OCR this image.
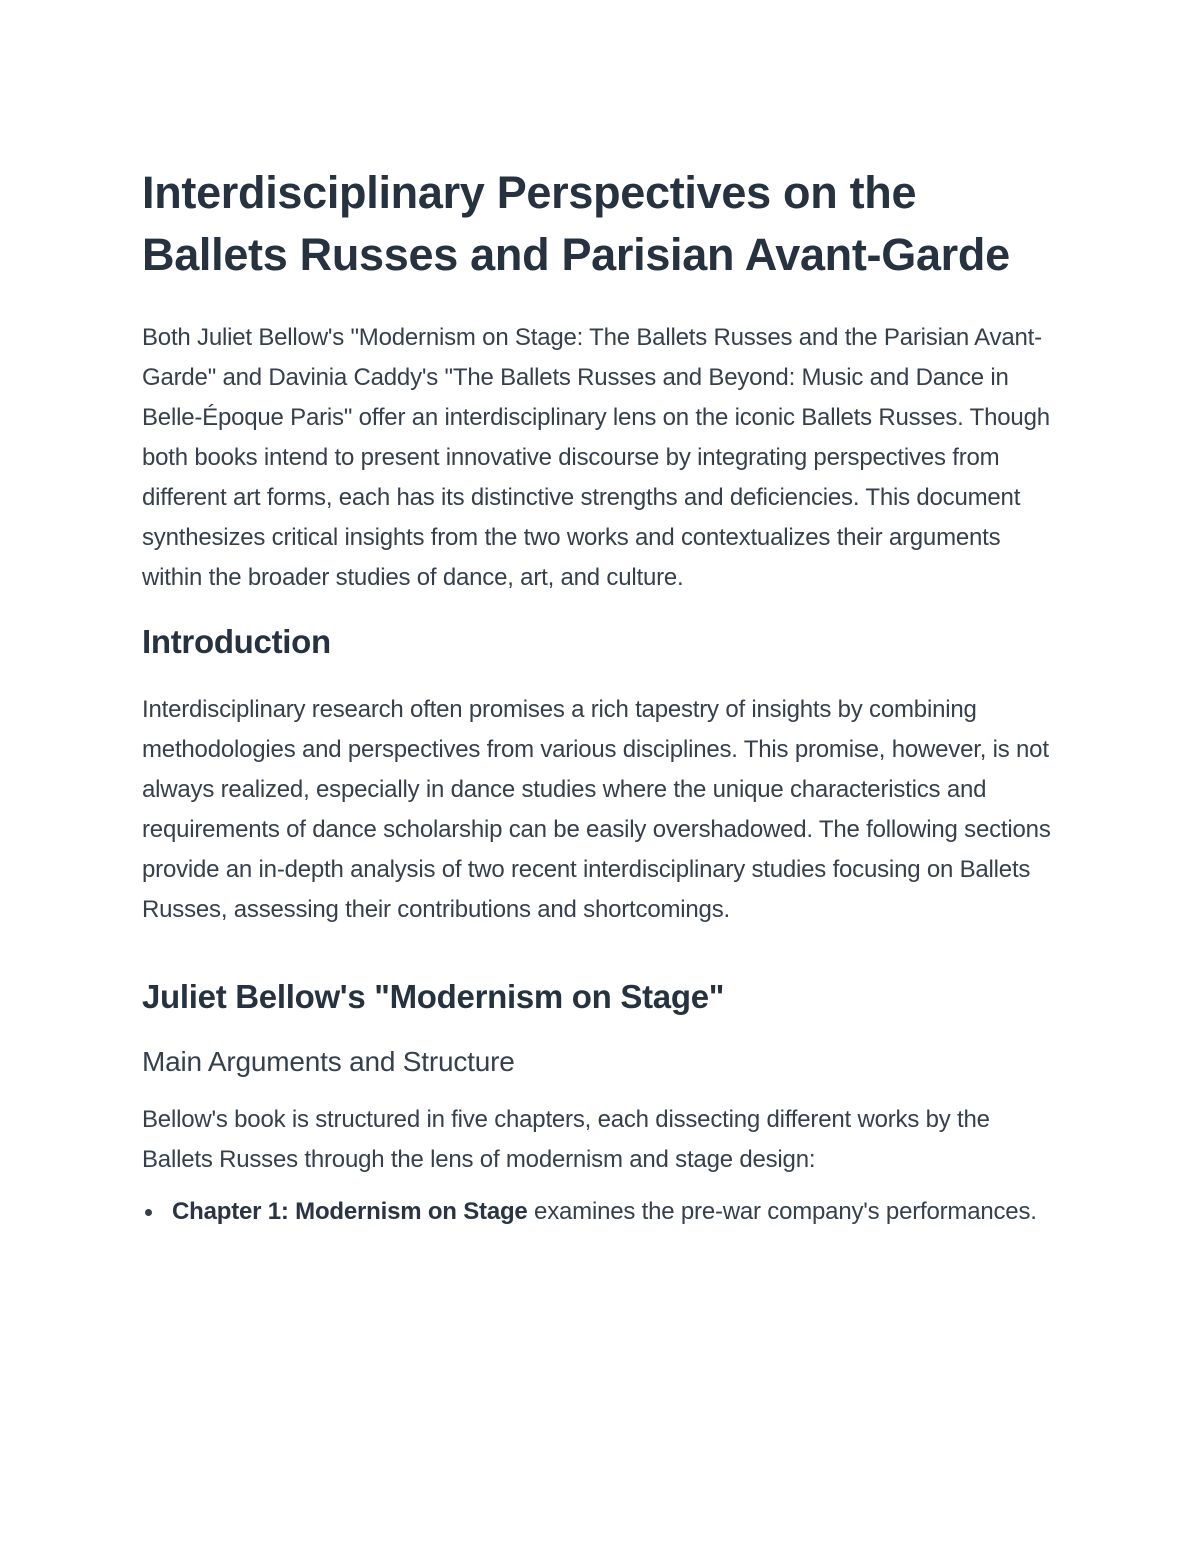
Interdisciplinary Perspectives on the Ballets Russes and Parisian Avant-Garde

Both Juliet Bellow's "Modernism on Stage: The Ballets Russes and the Parisian Avant-Garde" and Davinia Caddy's "The Ballets Russes and Beyond: Music and Dance in Belle-Époque Paris" offer an interdisciplinary lens on the iconic Ballets Russes. Though both books intend to present innovative discourse by integrating perspectives from different art forms, each has its distinctive strengths and deficiencies. This document synthesizes critical insights from the two works and contextualizes their arguments within the broader studies of dance, art, and culture.

Introduction

Interdisciplinary research often promises a rich tapestry of insights by combining methodologies and perspectives from various disciplines. This promise, however, is not always realized, especially in dance studies where the unique characteristics and requirements of dance scholarship can be easily overshadowed. The following sections provide an in-depth analysis of two recent interdisciplinary studies focusing on Ballets Russes, assessing their contributions and shortcomings.

Juliet Bellow's "Modernism on Stage"
Main Arguments and Structure

Bellow's book is structured in five chapters, each dissecting different works by the Ballets Russes through the lens of modernism and stage design:

Chapter 1: Modernism on Stage examines the pre-war company's performances.
